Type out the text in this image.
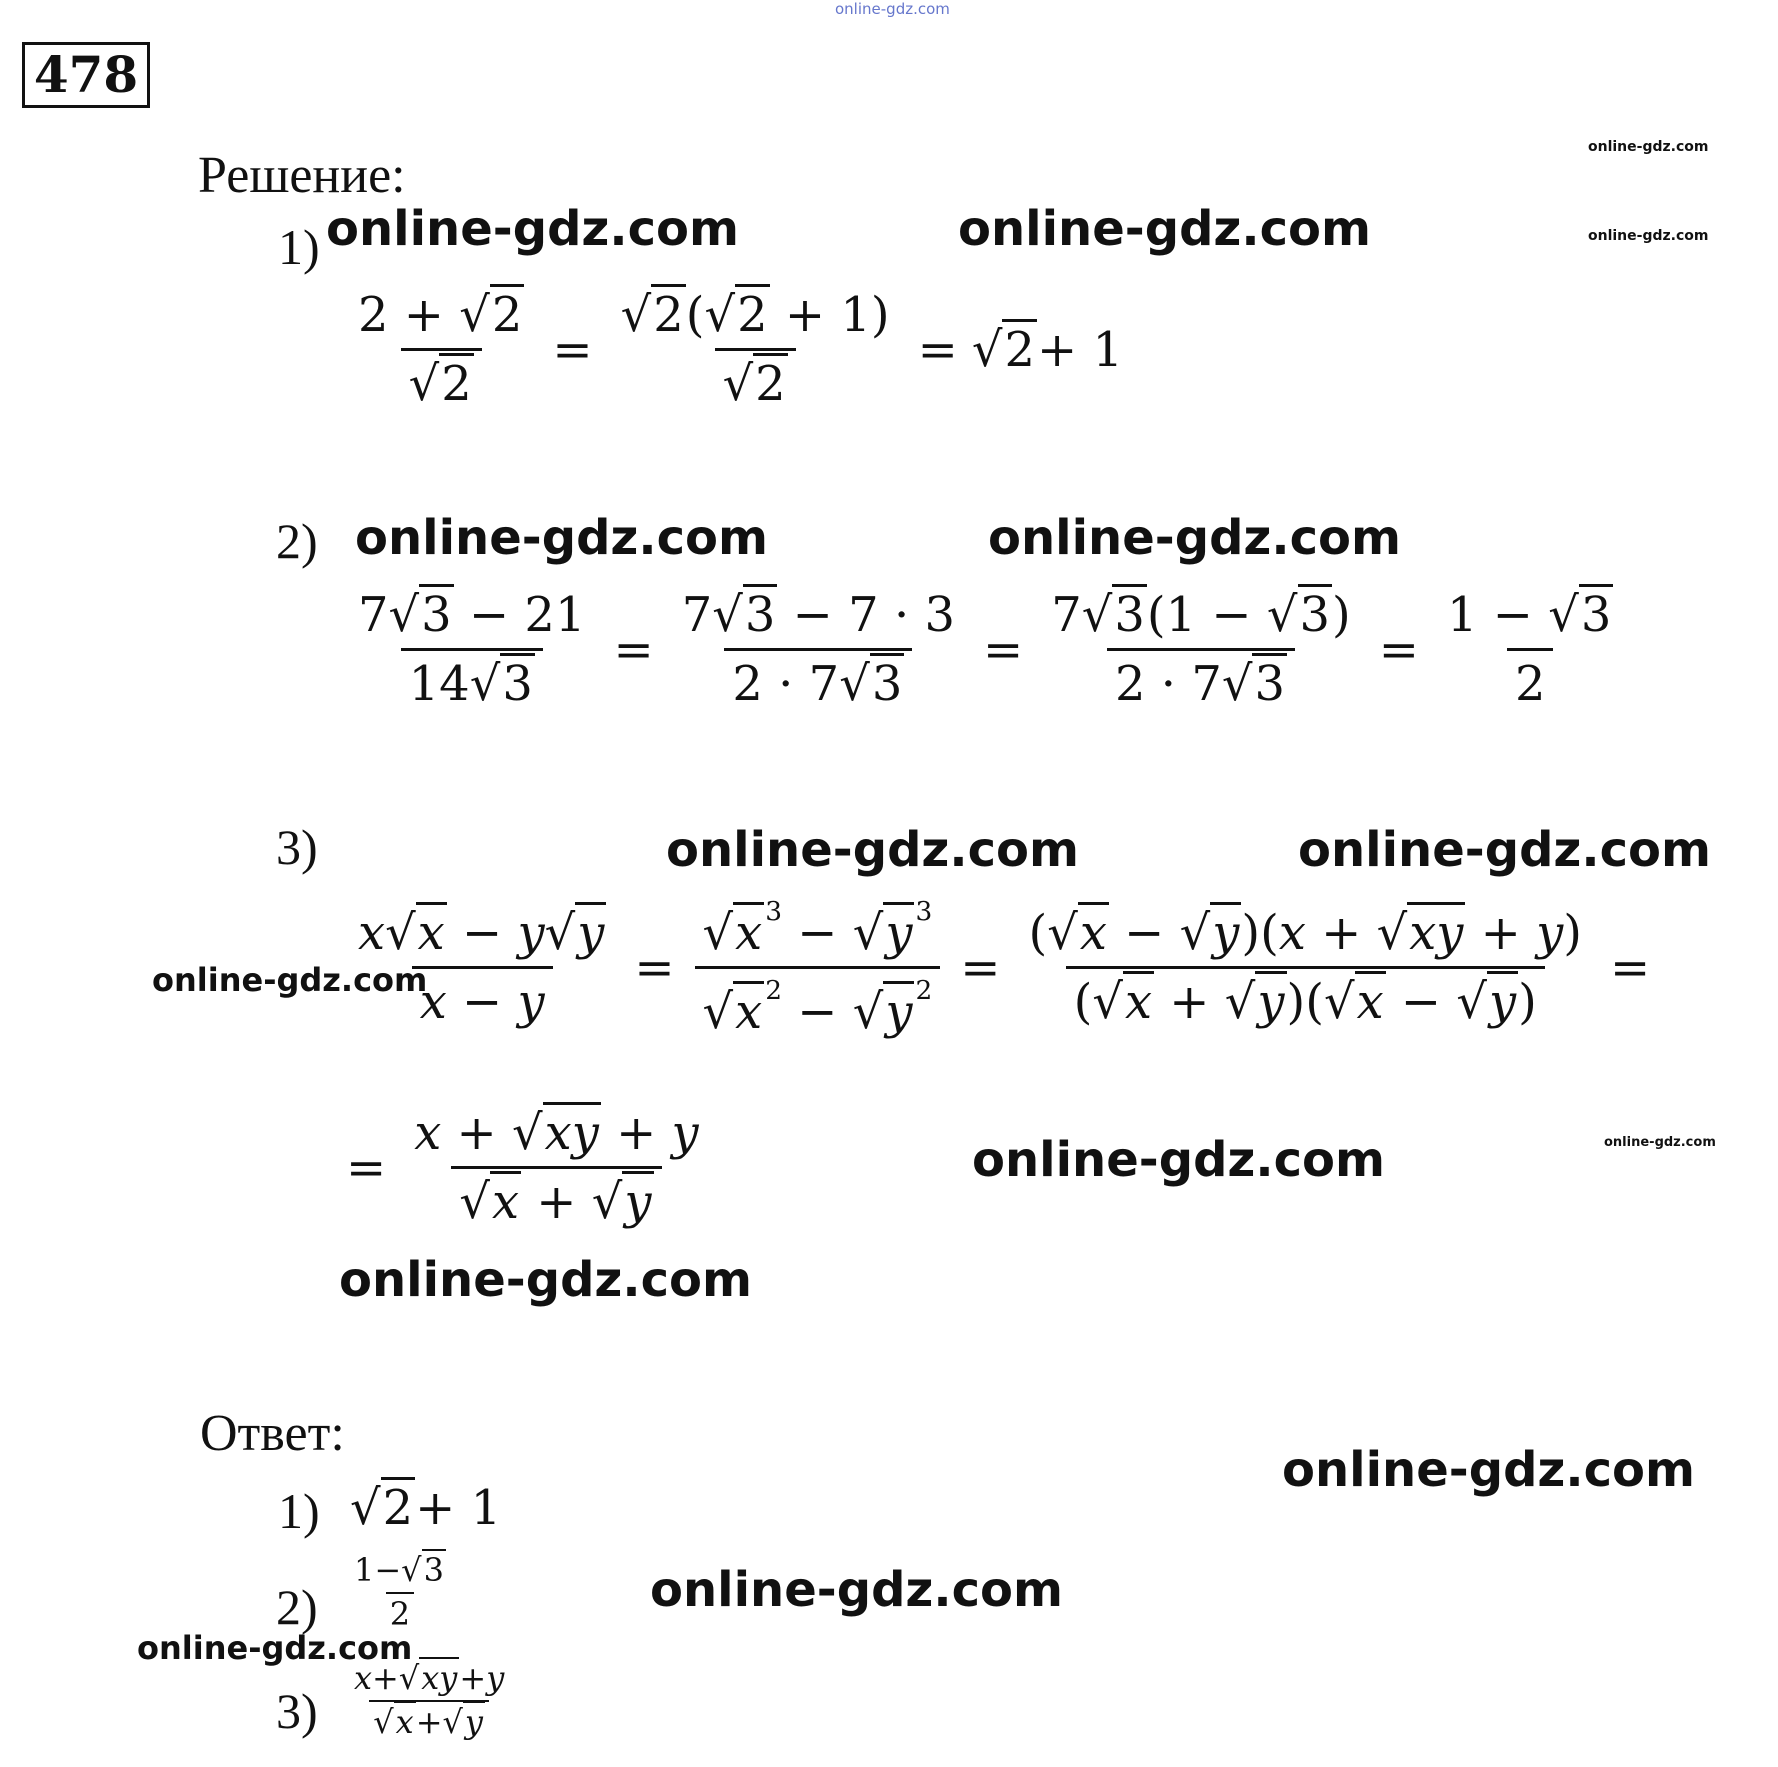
online-gdz.com
478
Решение:	online-gdz.com
online-gdz.com
1) online-gdz.com	online-gdz.com
$\frac{2 + √2}{√2} = \frac{√2(√2 + 1)}{√2} = √2 + 1$
2) online-gdz.com	online-gdz.com
$\frac{7√3 - 21}{14√3} = \frac{7√3 - 7 \cdot 3}{2 \cdot 7√3} = \frac{7√3(1 - √3)}{2 \cdot 7√3} = \frac{1 - √3}{2}$
3)	online-gdz.com	online-gdz.com
online-gdz.com
$\frac{x√x - y√y}{x - y} = \frac{√x ^3 - √y ^3}{√x ^2 - √y ^2} = \frac{(√x - √y)(x + √xy + y)}{(√x + √y)(√x - √y)}$ =
= $\frac{x + √xy + y}{√x + √y}$	online-gdz.com	online-gdz.com
online-gdz.com
Ответ:
online-gdz.com
1) √2 + 1
$2) \frac{1-√3}{2}$	online-gdz.com
online-gdz.com
$3) \frac{x+√xy+y}{√x+√y}$
